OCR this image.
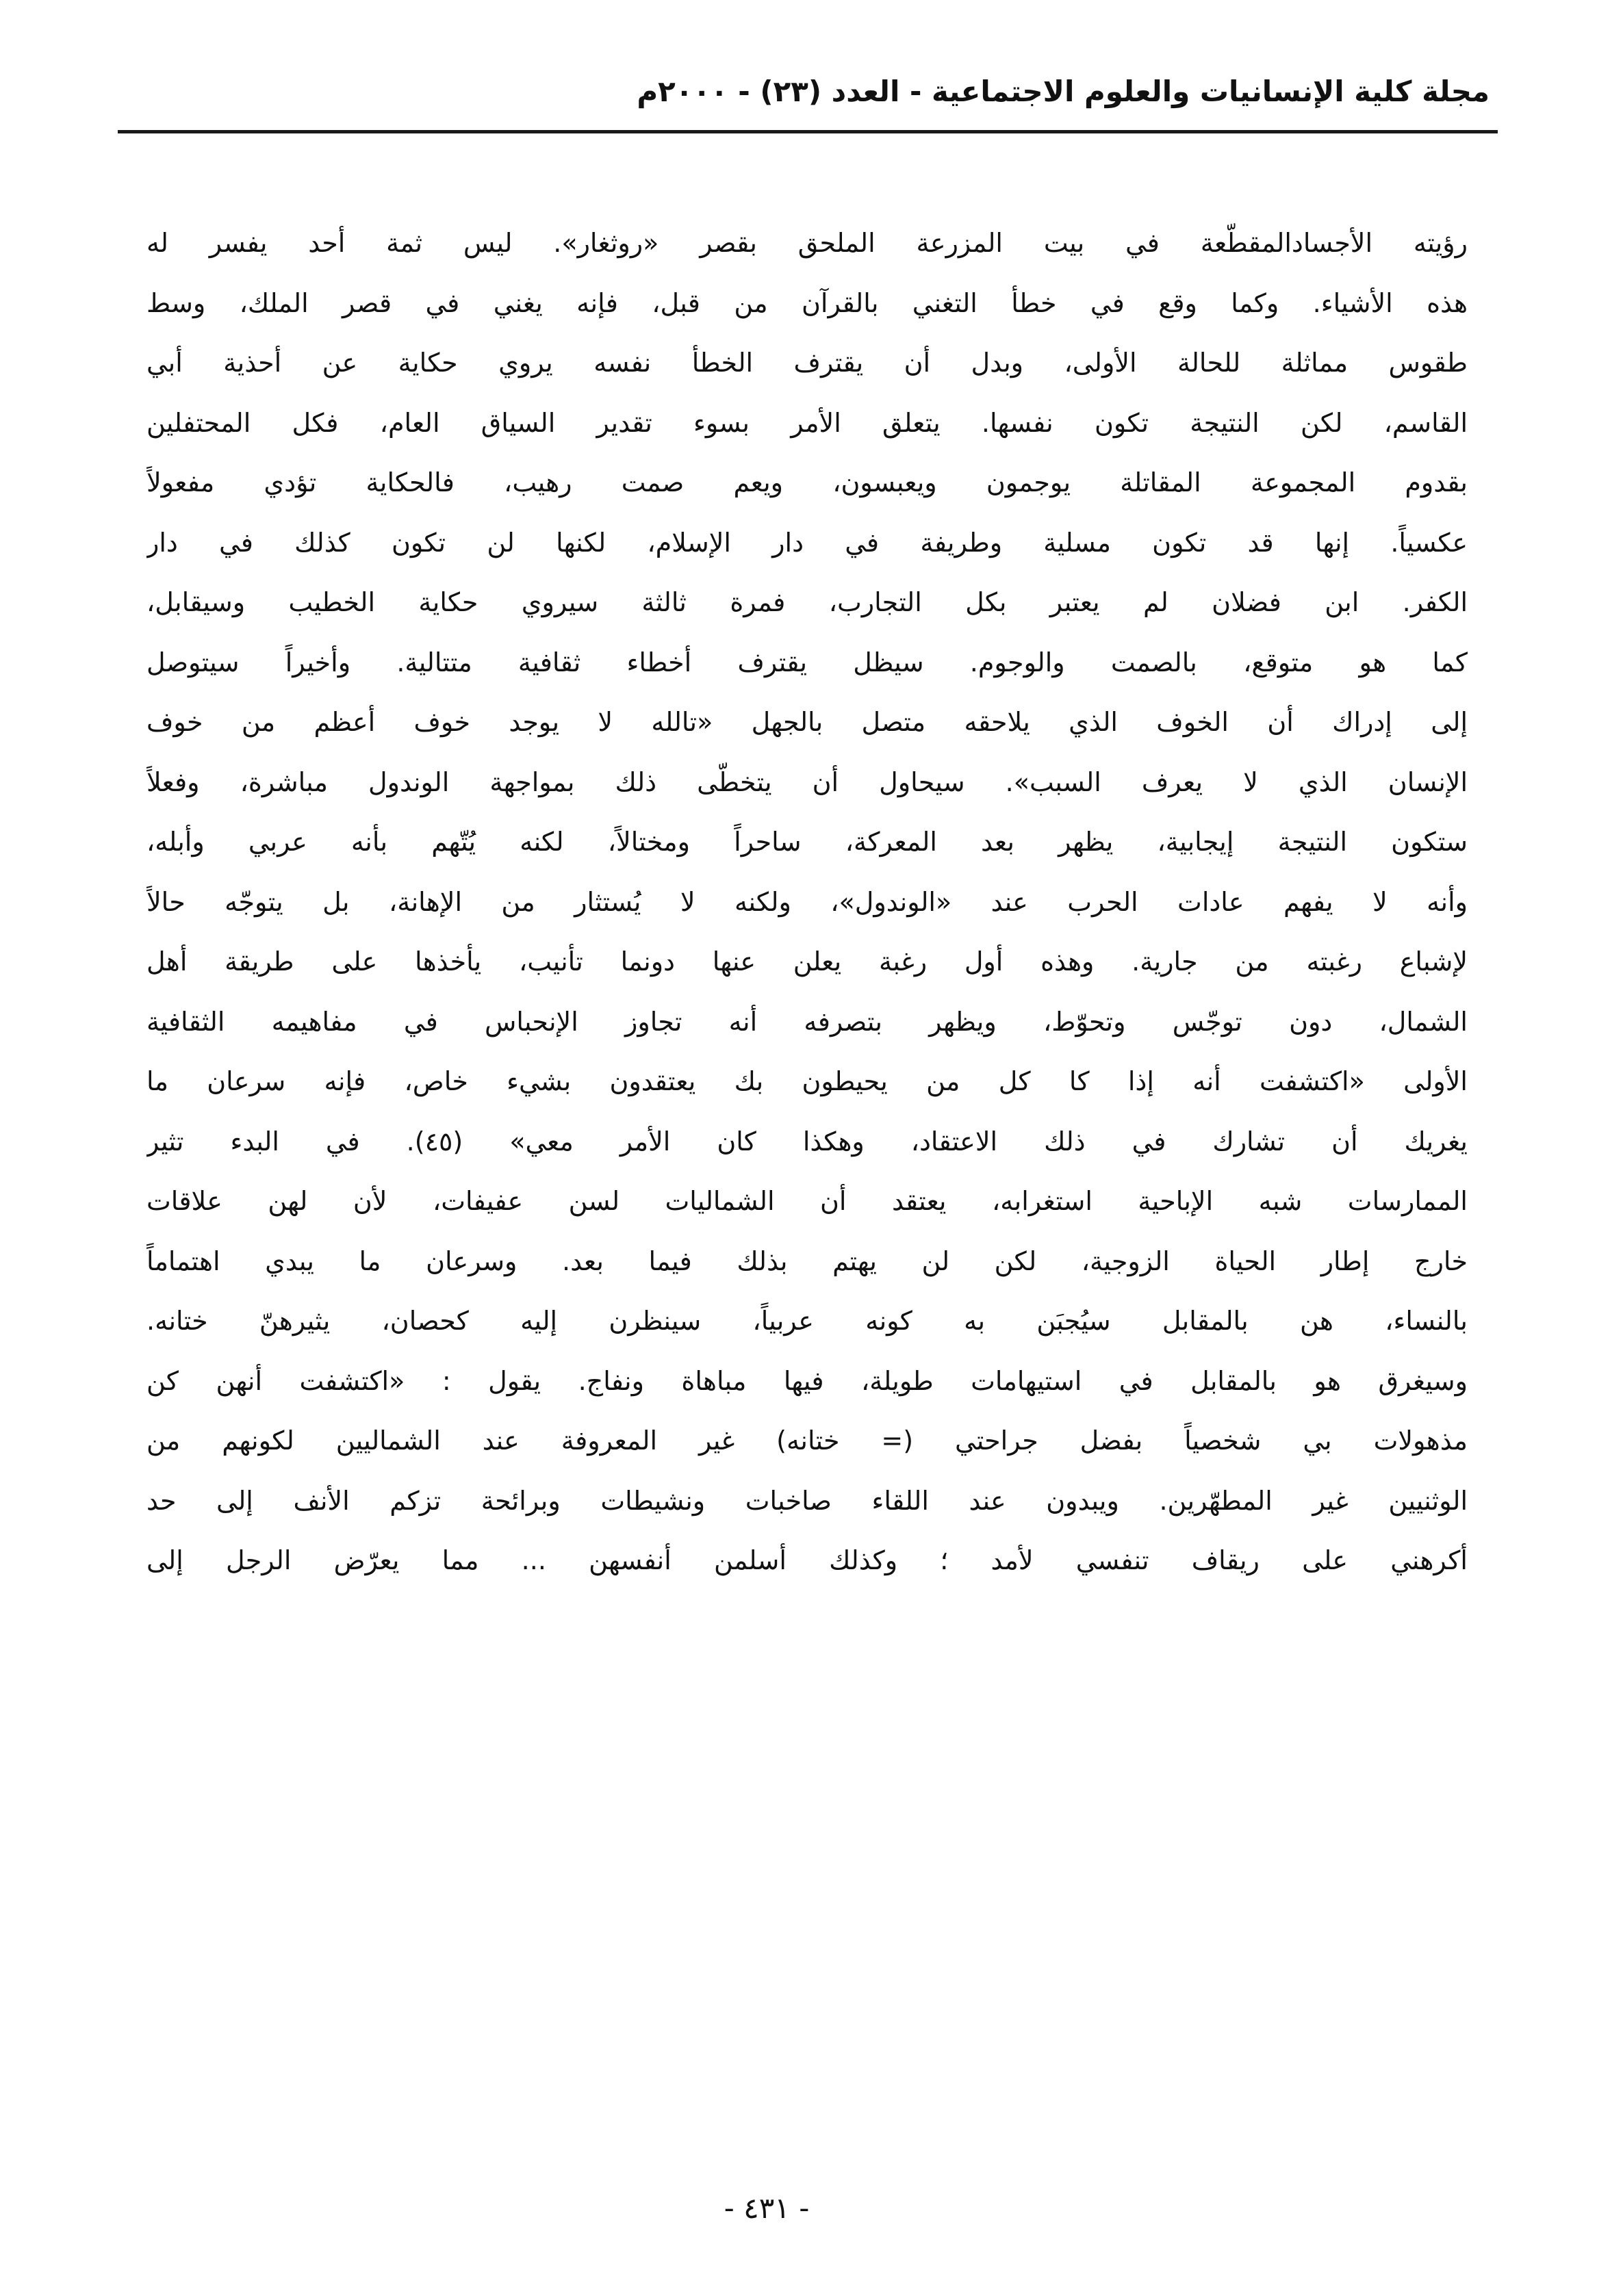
مجلة كلية الإنسانيات والعلوم الاجتماعية - العدد (٢٣) - ٢٠٠٠م
رؤيته الأجسادالمقطّعة في بيت المزرعة الملحق بقصر «روثغار». ليس ثمة أحد يفسر له
هذه الأشياء. وكما وقع في خطأ التغني بالقرآن من قبل، فإنه يغني في قصر الملك، وسط
طقوس مماثلة للحالة الأولى، وبدل أن يقترف الخطأ نفسه يروي حكاية عن أحذية أبي
القاسم، لكن النتيجة تكون نفسها. يتعلق الأمر بسوء تقدير السياق العام، فكل المحتفلين
بقدوم المجموعة المقاتلة يوجمون ويعبسون، ويعم صمت رهيب، فالحكاية تؤدي مفعولاً
عكسياً. إنها قد تكون مسلية وطريفة في دار الإسلام، لكنها لن تكون كذلك في دار
الكفر. ابن فضلان لم يعتبر بكل التجارب، فمرة ثالثة سيروي حكاية الخطيب وسيقابل،
كما هو متوقع، بالصمت والوجوم. سيظل يقترف أخطاء ثقافية متتالية. وأخيراً سيتوصل
إلى إدراك أن الخوف الذي يلاحقه متصل بالجهل «تالله لا يوجد خوف أعظم من خوف
الإنسان الذي لا يعرف السبب». سيحاول أن يتخطّى ذلك بمواجهة الوندول مباشرة، وفعلاً
ستكون النتيجة إيجابية، يظهر بعد المعركة، ساحراً ومختالاً، لكنه يُتّهم بأنه عربي وأبله،
وأنه لا يفهم عادات الحرب عند «الوندول»، ولكنه لا يُستثار من الإهانة، بل يتوجّه حالاً
لإشباع رغبته من جارية. وهذه أول رغبة يعلن عنها دونما تأنيب، يأخذها على طريقة أهل
الشمال، دون توجّس وتحوّط، ويظهر بتصرفه أنه تجاوز الإنحباس في مفاهيمه الثقافية
الأولى «اكتشفت أنه إذا كا كل من يحيطون بك يعتقدون بشيء خاص، فإنه سرعان ما
يغريك أن تشارك في ذلك الاعتقاد، وهكذا كان الأمر معي» (٤٥). في البدء تثير
الممارسات شبه الإباحية استغرابه، يعتقد أن الشماليات لسن عفيفات، لأن لهن علاقات
خارج إطار الحياة الزوجية، لكن لن يهتم بذلك فيما بعد. وسرعان ما يبدي اهتماماً
بالنساء، هن بالمقابل سيُجبَن به كونه عربياً، سينظرن إليه كحصان، يثيرهنّ ختانه.
وسيغرق هو بالمقابل في استيهامات طويلة، فيها مباهاة ونفاج. يقول : «اكتشفت أنهن كن
مذهولات بي شخصياً بفضل جراحتي (= ختانه) غير المعروفة عند الشماليين لكونهم من
الوثنيين غير المطهّرين. ويبدون عند اللقاء صاخبات ونشيطات وبرائحة تزكم الأنف إلى حد
أكرهني على ريقاف تنفسي لأمد ؛ وكذلك أسلمن أنفسهن ... مما يعرّض الرجل إلى
- ٤٣١ -
